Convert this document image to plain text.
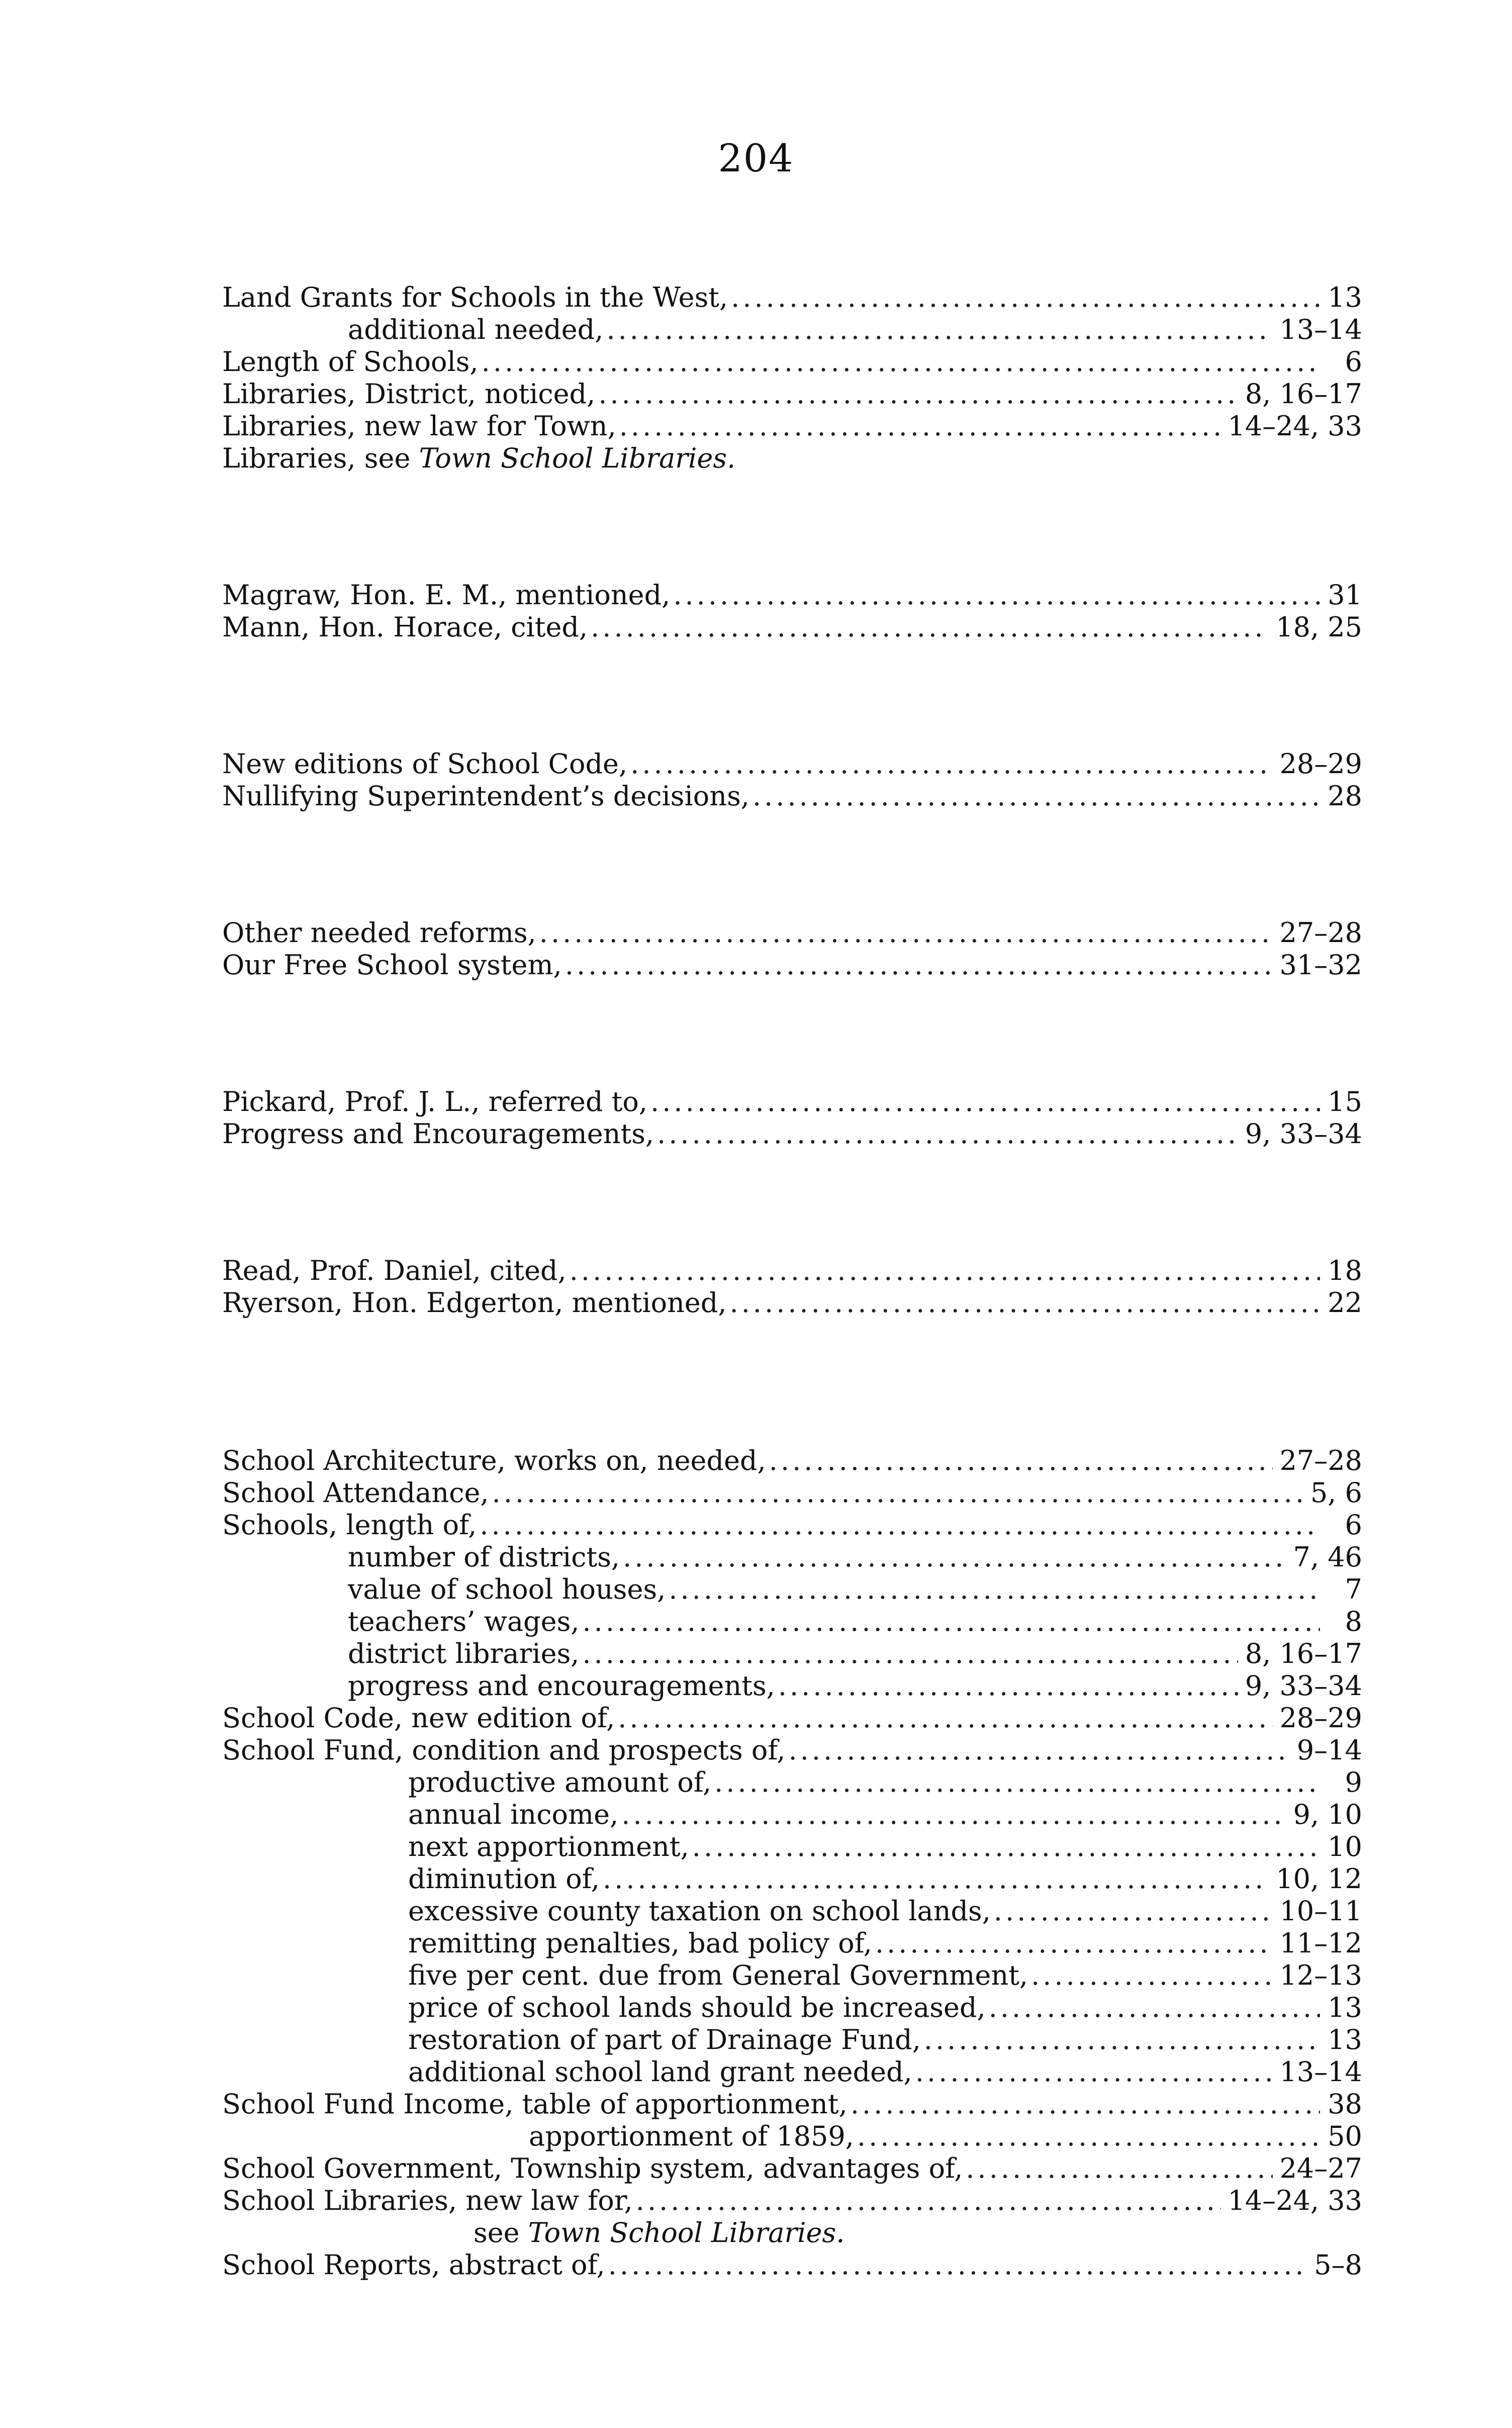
204
Land Grants for Schools in the West, .....	13
additional needed, .....	13–14
Length of Schools, .....	6
Libraries, District, noticed, .....	8, 16–17
Libraries, new law for Town, .....	14–24, 33
Libraries, see Town School Libraries.
Magraw, Hon. E. M., mentioned, .....	31
Mann, Hon. Horace, cited, .....	18, 25
New editions of School Code, .....	28–29
Nullifying Superintendent’s decisions, .....	28
Other needed reforms, .....	27–28
Our Free School system, .....	31–32
Pickard, Prof. J. L., referred to, .....	15
Progress and Encouragements, .....	9, 33–34
Read, Prof. Daniel, cited, .....	18
Ryerson, Hon. Edgerton, mentioned, .....	22
School Architecture, works on, needed, .....	27–28
School Attendance, .....	5, 6
Schools, length of, .....	6
number of districts, .....	7, 46
value of school houses, .....	7
teachers’ wages, .....	8
district libraries, .....	8, 16–17
progress and encouragements, .....	9, 33–34
School Code, new edition of, .....	28–29
School Fund, condition and prospects of, .....	9–14
productive amount of, .....	9
annual income, .....	9, 10
next apportionment, .....	10
diminution of, .....	10, 12
excessive county taxation on school lands, .....	10–11
remitting penalties, bad policy of, .....	11–12
five per cent. due from General Government, .....	12–13
price of school lands should be increased, .....	13
restoration of part of Drainage Fund, .....	13
additional school land grant needed, .....	13–14
School Fund Income, table of apportionment, .....	38
apportionment of 1859, .....	50
School Government, Township system, advantages of, .....	24–27
School Libraries, new law for, .....	14–24, 33
see Town School Libraries.
School Reports, abstract of, .....	5–8
